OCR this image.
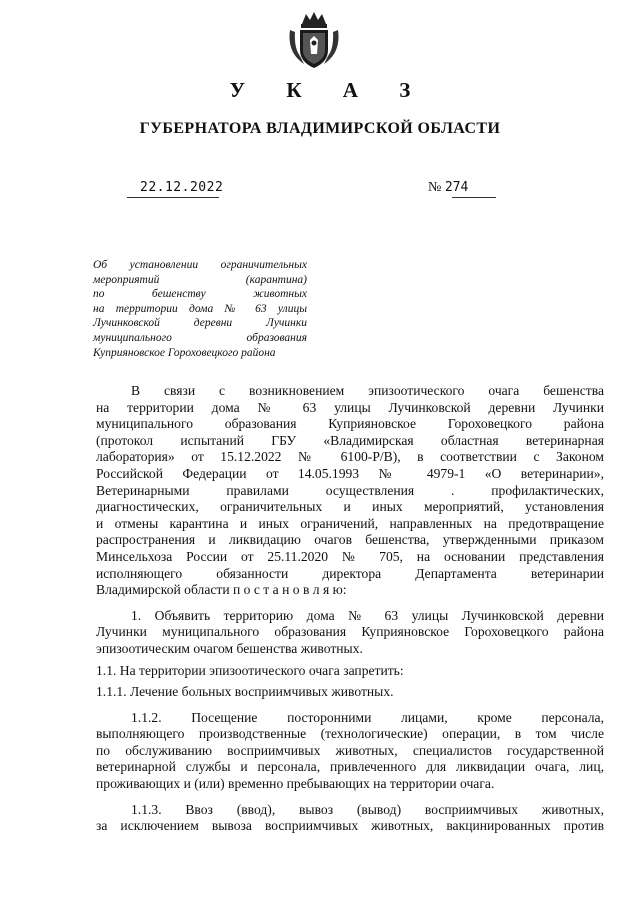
У К А З
ГУБЕРНАТОРА ВЛАДИМИРСКОЙ ОБЛАСТИ
22.12.2022	№ 274
Об установлении ограничительных
мероприятий (карантина)
по бешенству животных
на территории дома № 63 улицы
Лучинковской деревни Лучинки
муниципального образования
Куприяновское Гороховецкого района
В связи с возникновением эпизоотического очага бешенства
на территории дома № 63 улицы Лучинковской деревни Лучинки
муниципального образования Куприяновское Гороховецкого района
(протокол испытаний ГБУ «Владимирская областная ветеринарная
лаборатория» от 15.12.2022 № 6100-Р/В), в соответствии с Законом
Российской Федерации от 14.05.1993 № 4979-1 «О ветеринарии»,
Ветеринарными правилами осуществления . профилактических,
диагностических, ограничительных и иных мероприятий, установления
и отмены карантина и иных ограничений, направленных на предотвращение
распространения и ликвидацию очагов бешенства, утвержденными приказом
Минсельхоза России от 25.11.2020 № 705, на основании представления
исполняющего обязанности директора Департамента ветеринарии
Владимирской области п о с т а н о в л я ю:
1. Объявить территорию дома № 63 улицы Лучинковской деревни
Лучинки муниципального образования Куприяновское Гороховецкого района
эпизоотическим очагом бешенства животных.
1.1. На территории эпизоотического очага запретить:
1.1.1. Лечение больных восприимчивых животных.
1.1.2. Посещение посторонними лицами, кроме персонала,
выполняющего производственные (технологические) операции, в том числе
по обслуживанию восприимчивых животных, специалистов государственной
ветеринарной службы и персонала, привлеченного для ликвидации очага, лиц,
проживающих и (или) временно пребывающих на территории очага.
1.1.3. Ввоз (ввод), вывоз (вывод) восприимчивых животных,
за исключением вывоза восприимчивых животных, вакцинированных против
